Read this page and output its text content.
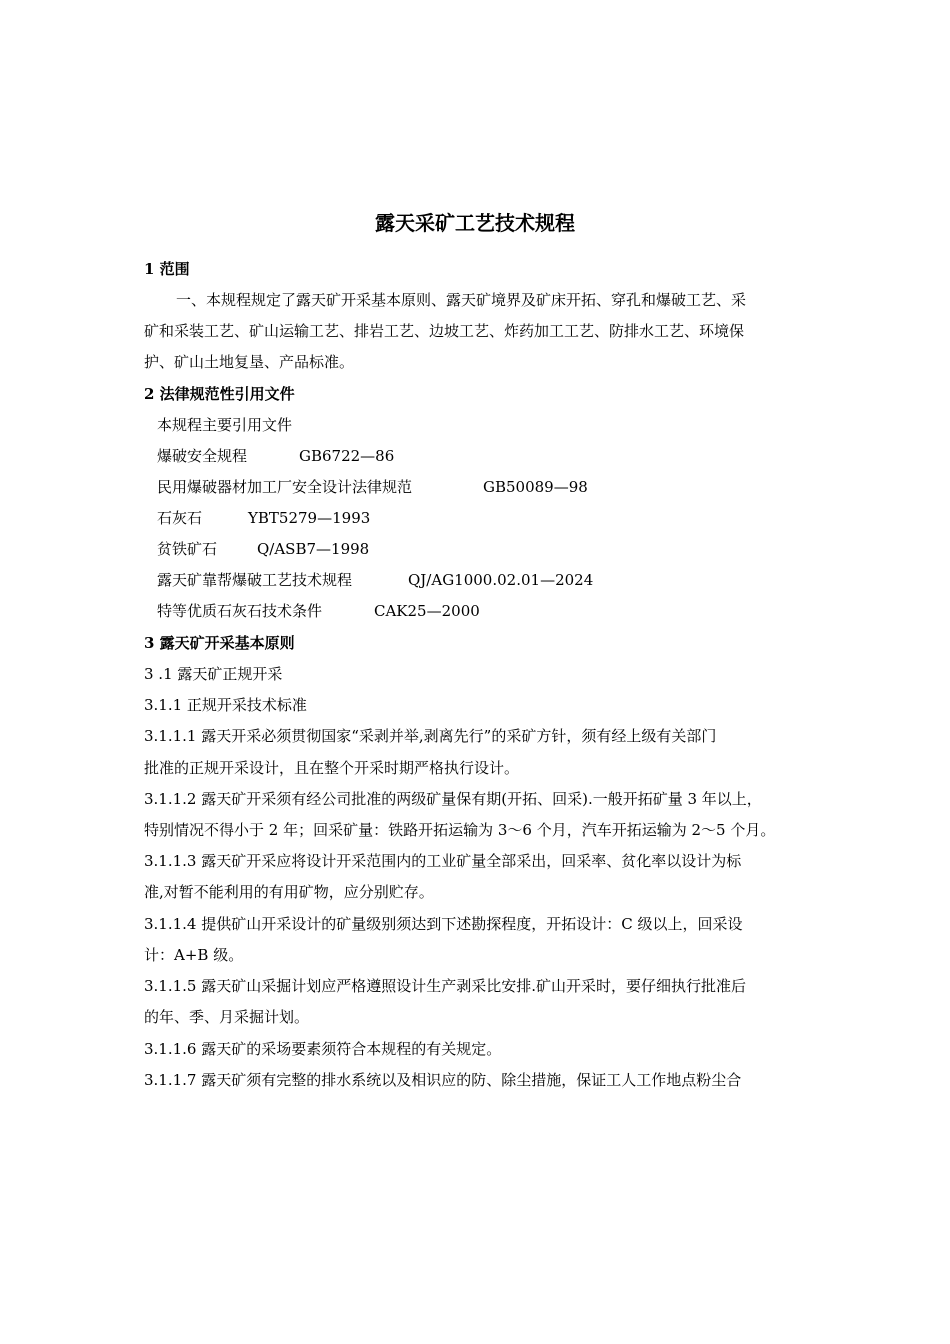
露天采矿工艺技术规程
1 范围
一、本规程规定了露天矿开采基本原则、露天矿境界及矿床开拓、穿孔和爆破工艺、采
矿和采装工艺、矿山运输工艺、排岩工艺、边坡工艺、炸药加工工艺、防排水工艺、环境保
护、矿山土地复垦、产品标准。
2 法律规范性引用文件
本规程主要引用文件
爆破安全规程	GB6722—86
民用爆破器材加工厂安全设计法律规范	GB50089—98
石灰石	YBT5279—1993
贫铁矿石	Q/ASB7—1998
露天矿靠帮爆破工艺技术规程	QJ/AG1000.02.01—2024
特等优质石灰石技术条件	CAK25—2000
3 露天矿开采基本原则
3 .1 露天矿正规开采
3.1.1 正规开采技术标准
3.1.1.1 露天开采必须贯彻国家“采剥并举,剥离先行”的采矿方针，须有经上级有关部门
批准的正规开采设计，且在整个开采时期严格执行设计。
3.1.1.2 露天矿开采须有经公司批准的两级矿量保有期(开拓、回采).一般开拓矿量 3 年以上，
特别情况不得小于 2 年；回采矿量：铁路开拓运输为 3～6 个月，汽车开拓运输为 2～5 个月。
3.1.1.3 露天矿开采应将设计开采范围内的工业矿量全部采出，回采率、贫化率以设计为标
准,对暂不能利用的有用矿物，应分别贮存。
3.1.1.4 提供矿山开采设计的矿量级别须达到下述勘探程度，开拓设计：C 级以上，回采设
计：A+B 级。
3.1.1.5 露天矿山采掘计划应严格遵照设计生产剥采比安排.矿山开采时，要仔细执行批准后
的年、季、月采掘计划。
3.1.1.6 露天矿的采场要素须符合本规程的有关规定。
3.1.1.7 露天矿须有完整的排水系统以及相识应的防、除尘措施，保证工人工作地点粉尘合
